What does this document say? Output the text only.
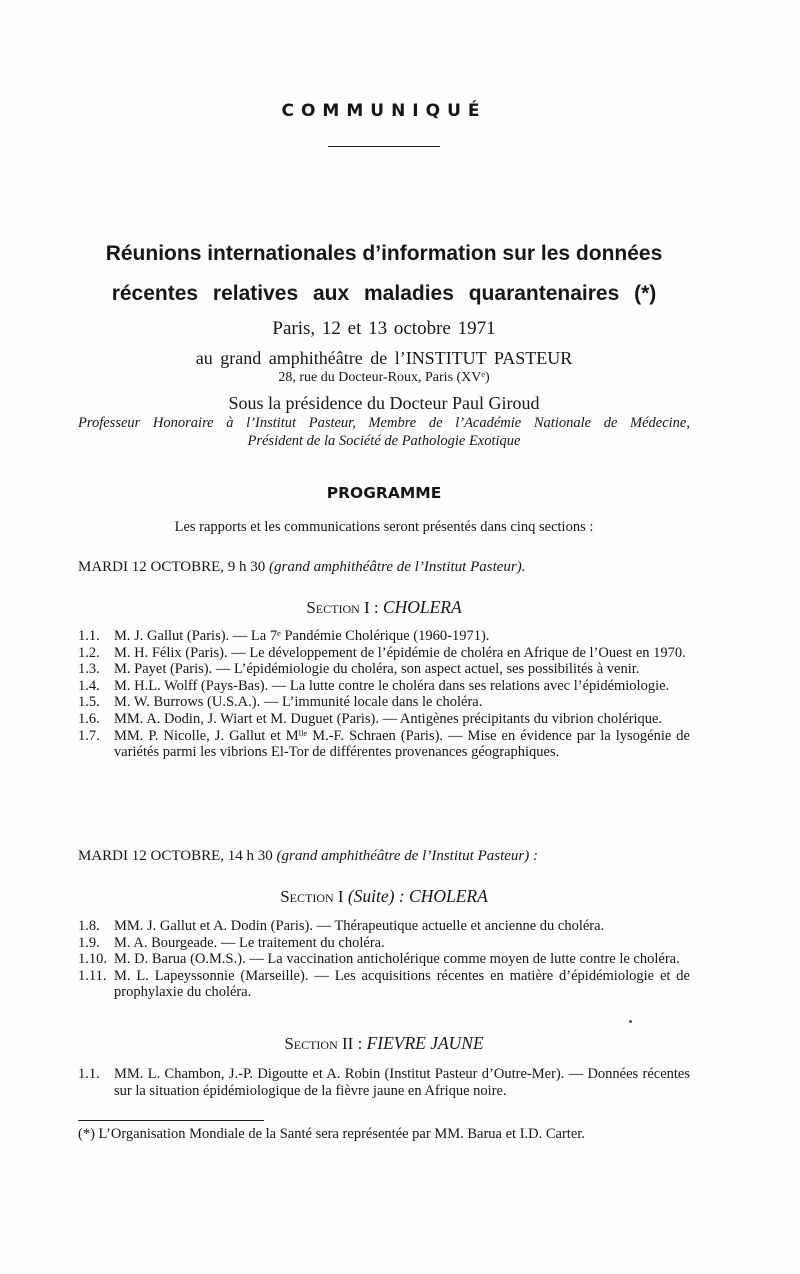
COMMUNIQUÉ
Réunions internationales d’information sur les données
récentes relatives aux maladies quarantenaires (*)
Paris, 12 et 13 octobre 1971
au grand amphithéâtre de l’INSTITUT PASTEUR
28, rue du Docteur-Roux, Paris (XVᵉ)
Sous la présidence du Docteur Paul Giroud
Professeur Honoraire à l’Institut Pasteur, Membre de l’Académie Nationale de Médecine,
Président de la Société de Pathologie Exotique
PROGRAMME
Les rapports et les communications seront présentés dans cinq sections :
MARDI 12 OCTOBRE, 9 h 30 (grand amphithéâtre de l’Institut Pasteur).
Section I : CHOLERA
1.1. M. J. Gallut (Paris). — La 7ᵉ Pandémie Cholérique (1960-1971).
1.2. M. H. Félix (Paris). — Le développement de l’épidémie de choléra en Afrique de l’Ouest en 1970.
1.3. M. Payet (Paris). — L’épidémiologie du choléra, son aspect actuel, ses possibilités à venir.
1.4. M. H.L. Wolff (Pays-Bas). — La lutte contre le choléra dans ses relations avec l’épidémiologie.
1.5. M. W. Burrows (U.S.A.). — L’immunité locale dans le choléra.
1.6. MM. A. Dodin, J. Wiart et M. Duguet (Paris). — Antigènes précipitants du vibrion cholérique.
1.7. MM. P. Nicolle, J. Gallut et Mˡˡᵉ M.-F. Schraen (Paris). — Mise en évidence par la lysogénie de variétés parmi les vibrions El-Tor de différentes provenances géographiques.
MARDI 12 OCTOBRE, 14 h 30 (grand amphithéâtre de l’Institut Pasteur) :
Section I (Suite) : CHOLERA
1.8. MM. J. Gallut et A. Dodin (Paris). — Thérapeutique actuelle et ancienne du choléra.
1.9. M. A. Bourgeade. — Le traitement du choléra.
1.10. M. D. Barua (O.M.S.). — La vaccination anticholérique comme moyen de lutte contre le choléra.
1.11. M. L. Lapeyssonnie (Marseille). — Les acquisitions récentes en matière d’épidémiologie et de prophylaxie du choléra.
Section II : FIEVRE JAUNE
1.1. MM. L. Chambon, J.-P. Digoutte et A. Robin (Institut Pasteur d’Outre-Mer). — Données récentes sur la situation épidémiologique de la fièvre jaune en Afrique noire.
(*) L’Organisation Mondiale de la Santé sera représentée par MM. Barua et I.D. Carter.
